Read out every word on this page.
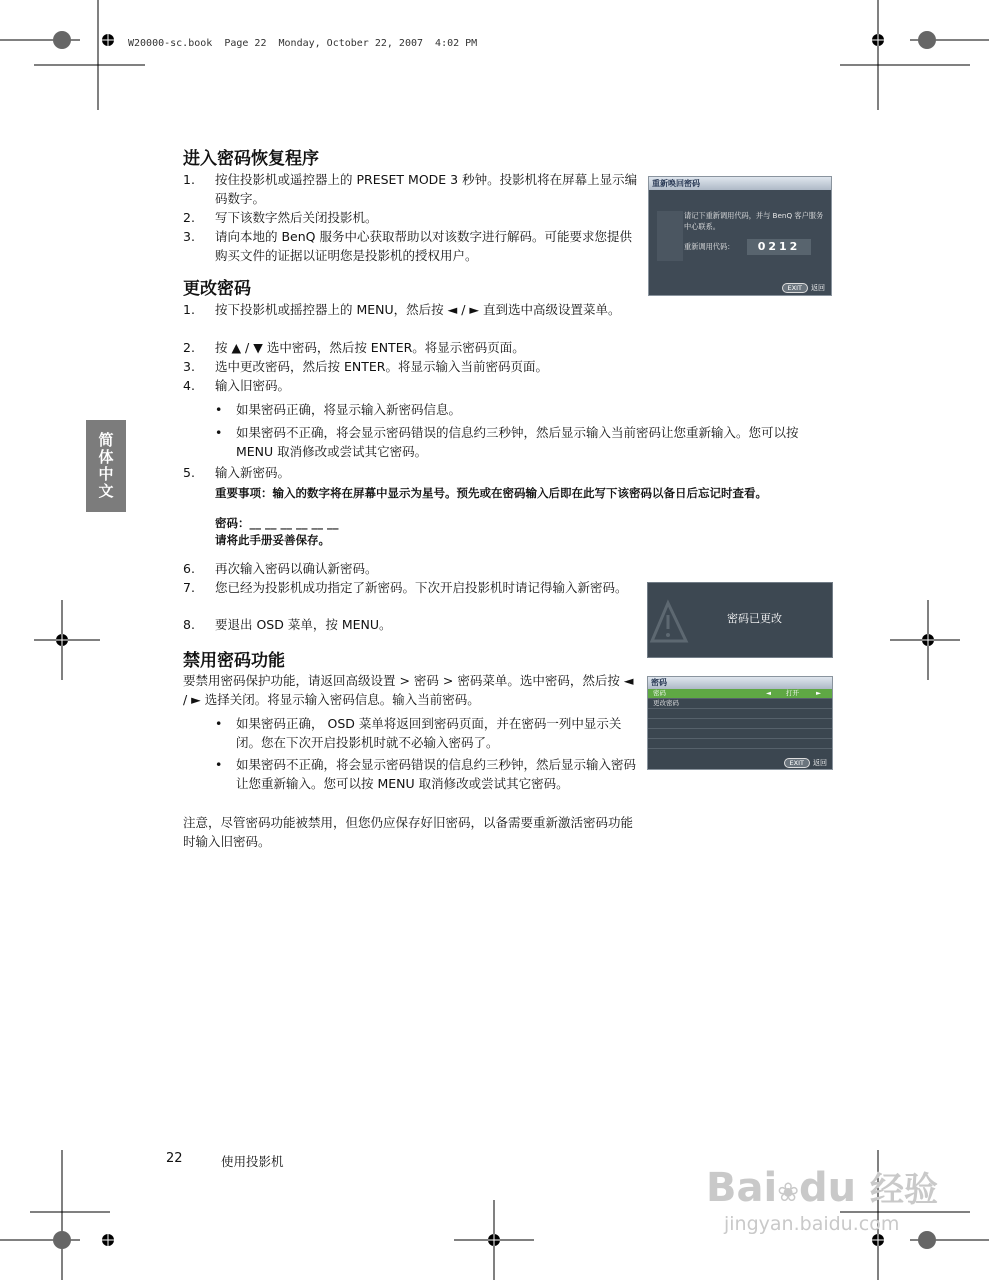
W20000-sc.book  Page 22  Monday, October 22, 2007  4:02 PM
简体中文
进入密码恢复程序
1. 按住投影机或遥控器上的 PRESET MODE 3 秒钟。投影机将在屏幕上显示编码数字。
2. 写下该数字然后关闭投影机。
3. 请向本地的 BenQ 服务中心获取帮助以对该数字进行解码。可能要求您提供购买文件的证据以证明您是投影机的授权用户。
重新唤回密码
请记下重新调用代码，并与 BenQ 客户服务中心联系。
重新调用代码：	0212
EXIT 返回
更改密码
1. 按下投影机或摇控器上的 MENU，然后按 ◄ / ► 直到选中高级设置菜单。
2. 按 ▲ / ▼ 选中密码，然后按 ENTER。将显示密码页面。
3. 选中更改密码，然后按 ENTER。将显示输入当前密码页面。
4. 输入旧密码。
• 如果密码正确，将显示输入新密码信息。
• 如果密码不正确，将会显示密码错误的信息约三秒钟，然后显示输入当前密码让您重新输入。您可以按 MENU 取消修改或尝试其它密码。
5. 输入新密码。
重要事项：输入的数字将在屏幕中显示为星号。预先或在密码输入后即在此写下该密码以备日后忘记时查看。
密码：__ __ __ __ __ __
请将此手册妥善保存。
6. 再次输入密码以确认新密码。
7. 您已经为投影机成功指定了新密码。下次开启投影机时请记得输入新密码。
8. 要退出 OSD 菜单，按 MENU。	密码已更改
禁用密码功能
要禁用密码保护功能，请返回高级设置 > 密码 > 密码菜单。选中密码，然后按 ◄ / ► 选择关闭。将显示输入密码信息。输入当前密码。
• 如果密码正确， OSD 菜单将返回到密码页面，并在密码一列中显示关闭。您在下次开启投影机时就不必输入密码了。
• 如果密码不正确，将会显示密码错误的信息约三秒钟，然后显示输入密码让您重新输入。您可以按 MENU 取消修改或尝试其它密码。
注意，尽管密码功能被禁用，但您仍应保存好旧密码，以备需要重新激活密码功能时输入旧密码。
密码
密码	◄ 打开	►
更改密码
EXIT 返回
22	使用投影机
Bai❀du 经验
jingyan.baidu.com
